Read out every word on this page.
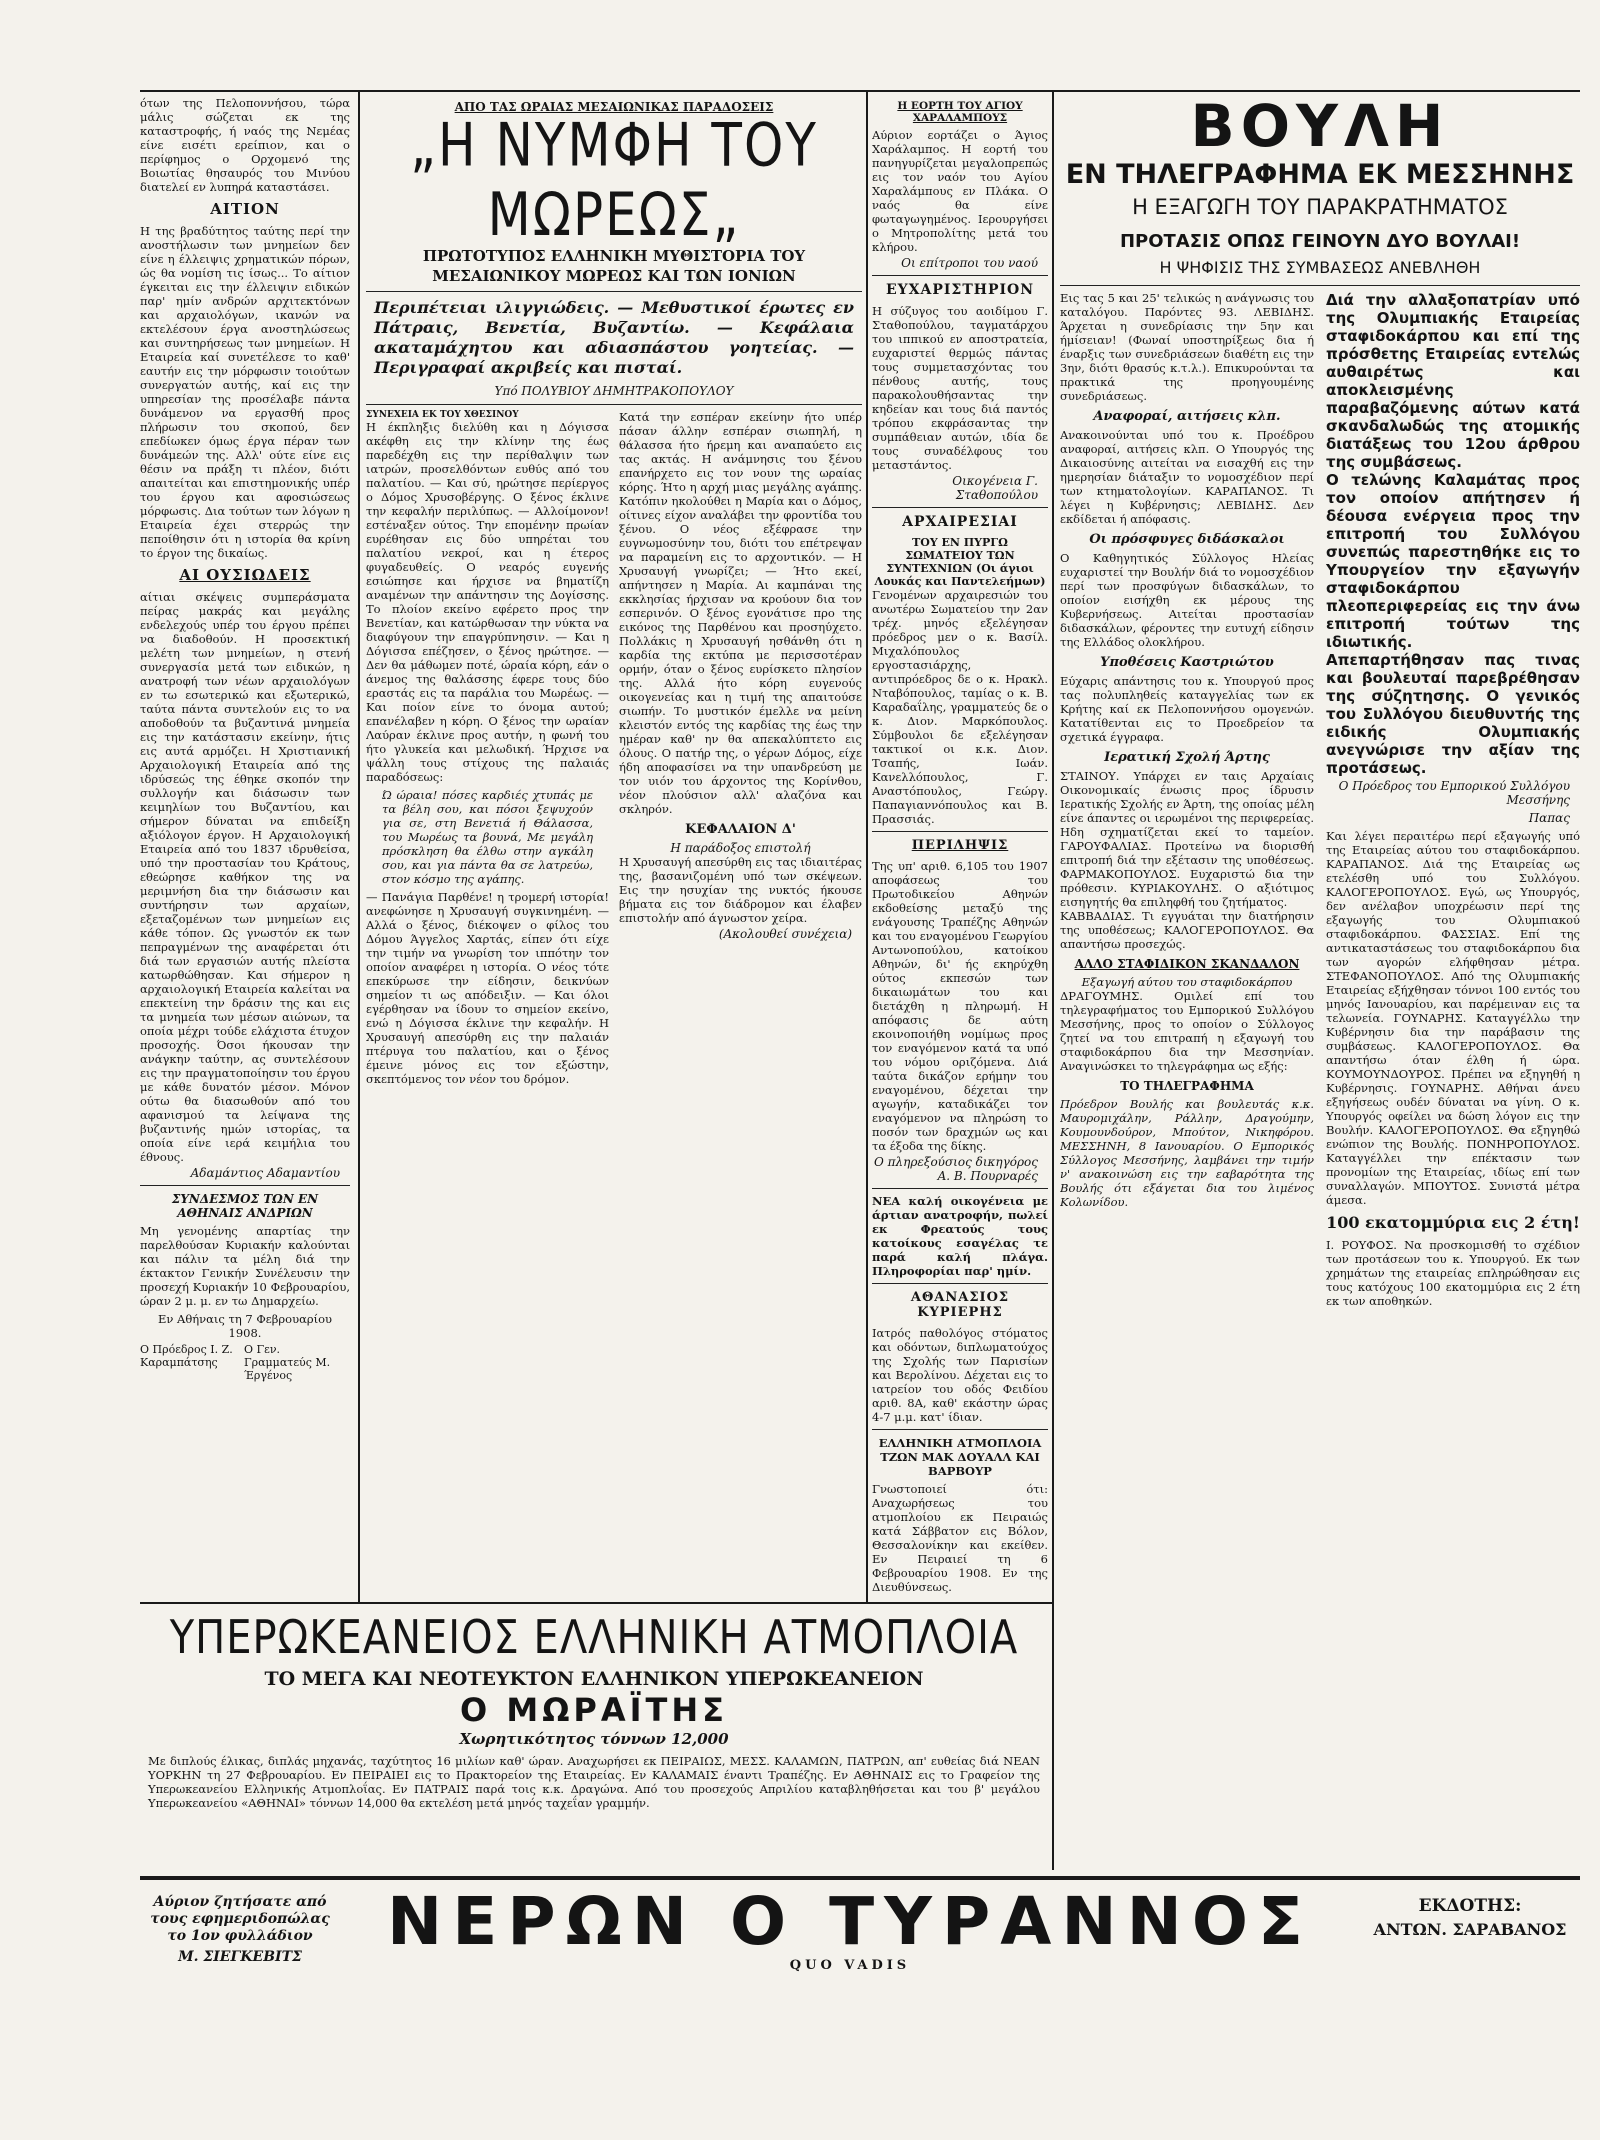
ότων της Πελοποννήσου, τώρα μάλις σώζεται εκ της καταστροφής, ή ναός της Νεμέας είνε εισέτι ερείπιον, και ο περίφημος ο Ορχομενό της Βοιωτίας θησαυρός του Μινύου διατελεί εν λυπηρά καταστάσει.

ΑΙΤΙΟΝ

Η της βραδύτητος ταύτης περί την ανοστήλωσιν των μνημείων δεν είνε η έλλειψις χρηματικών πόρων, ώς θα νομίση τις ίσως... Το αίτιον έγκειται εις την έλλειψιν ειδικών παρ' ημίν ανδρών αρχιτεκτόνων και αρχαιολόγων, ικανών να εκτελέσουν έργα ανοστηλώσεως και συντηρήσεως των μνημείων. Η Εταιρεία καί συνετέλεσε το καθ' εαυτήν εις την μόρφωσιν τοιούτων συνεργατών αυτής, καί εις την υπηρεσίαν της προσέλαβε πάντα δυνάμενον να εργασθή προς πλήρωσιν του σκοπού, δεν επεδίωκεν όμως έργα πέραν των δυνάμεών της. Αλλ' ούτε είνε εις θέσιν να πράξη τι πλέον, διότι απαιτείται και επιστημονικής υπέρ του έργου και αφοσιώσεως μόρφωσις. Δια τούτων των λόγων η Εταιρεία έχει στερρώς την πεποίθησιν ότι η ιστορία θα κρίνη το έργον της δικαίως.

ΑΙ ΟΥΣΙΩΔΕΙΣ

αίτιαι σκέψεις συμπεράσματα πείρας μακράς και μεγάλης ενδελεχούς υπέρ του έργου πρέπει να διαδοθούν. Η προσεκτική μελέτη των μνημείων, η στενή συνεργασία μετά των ειδικών, η ανατροφή των νέων αρχαιολόγων εν τω εσωτερικώ και εξωτερικώ, ταύτα πάντα συντελούν εις το να αποδοθούν τα βυζαντινά μνημεία εις την κατάστασιν εκείνην, ήτις εις αυτά αρμόζει. Η Χριστιανική Αρχαιολογική Εταιρεία από της ιδρύσεώς της έθηκε σκοπόν την συλλογήν και διάσωσιν των κειμηλίων του Βυζαντίου, και σήμερον δύναται να επιδείξη αξιόλογον έργον. Η Αρχαιολογική Εταιρεία από του 1837 ιδρυθείσα, υπό την προστασίαν του Κράτους, εθεώρησε καθήκον της να μεριμνήση δια την διάσωσιν και συντήρησιν των αρχαίων, εξεταζομένων των μνημείων εις κάθε τόπον. Ως γνωστόν εκ των πεπραγμένων της αναφέρεται ότι διά των εργασιών αυτής πλείστα κατωρθώθησαν. Και σήμερον η αρχαιολογική Εταιρεία καλείται να επεκτείνη την δράσιν της και εις τα μνημεία των μέσων αιώνων, τα οποία μέχρι τούδε ελάχιστα έτυχον προσοχής. Όσοι ήκουσαν την ανάγκην ταύτην, ας συντελέσουν εις την πραγματοποίησιν του έργου με κάθε δυνατόν μέσον. Μόνον ούτω θα διασωθούν από του αφανισμού τα λείψανα της βυζαντινής ημών ιστορίας, τα οποία είνε ιερά κειμήλια του έθνους.

Αδαμάντιος Αδαμαντίου
ΣΥΝΔΕΣΜΟΣ ΤΩΝ ΕΝ ΑΘΗΝΑΙΣ ΑΝΔΡΙΩΝ

Μη γενομένης απαρτίας την παρελθούσαν Κυριακήν καλούνται και πάλιν τα μέλη διά την έκτακτον Γενικήν Συνέλευσιν την προσεχή Κυριακήν 10 Φεβρουαρίου, ώραν 2 μ. μ. εν τω Δημαρχείω.

Εν Αθήναις τη 7 Φεβρουαρίου 1908.

Ο Πρόεδρος Ι. Ζ. Καραμπάτσης
Ο Γεν. Γραμματεύς Μ. Έργένος
ΑΠΟ ΤΑΣ ΩΡΑΙΑΣ ΜΕΣΑΙΩΝΙΚΑΣ ΠΑΡΑΔΟΣΕΙΣ
„Η ΝΥΜΦΗ ΤΟΥ ΜΩΡΕΩΣ„
ΠΡΩΤΟΤΥΠΟΣ ΕΛΛΗΝΙΚΗ ΜΥΘΙΣΤΟΡΙΑ ΤΟΥ ΜΕΣΑΙΩΝΙΚΟΥ ΜΩΡΕΩΣ ΚΑΙ ΤΩΝ ΙΟΝΙΩΝ

Περιπέτειαι ιλιγγιώδεις. — Μεθυστικοί έρωτες εν Πάτραις, Βενετία, Βυζαντίω. — Κεφάλαια ακαταμάχητου και αδιασπάστου γοητείας. — Περιγραφαί ακριβείς και πισταί.

Υπό ΠΟΛΥΒΙΟΥ ΔΗΜΗΤΡΑΚΟΠΟΥΛΟΥ
ΣΥΝΕΧΕΙΑ ΕΚ ΤΟΥ ΧΘΕΣΙΝΟΥ

Η έκπληξις διελύθη και η Δόγισσα ακέφθη εις την κλίνην της έως παρεδέχθη εις την περίθαλψιν των ιατρών, προσελθόντων ευθύς από του παλατίου. — Και σύ, ηρώτησε περίεργος ο Δόμος Χρυσοβέργης. Ο ξένος έκλινε την κεφαλήν περιλύπως. — Αλλοίμονον! εστέναξεν ούτος. Την επομένην πρωίαν ευρέθησαν εις δύο υπηρέται του παλατίου νεκροί, και η έτερος φυγαδευθείς. Ο νεαρός ευγενής εσιώπησε και ήρχισε να βηματίζη αναμένων την απάντησιν της Δογίσσης. Το πλοίον εκείνο εφέρετο προς την Βενετίαν, και κατώρθωσαν την νύκτα να διαφύγουν την επαγρύπνησιν. — Και η Δόγισσα επέζησεν, ο ξένος ηρώτησε. — Δεν θα μάθωμεν ποτέ, ώραία κόρη, εάν ο άνεμος της θαλάσσης έφερε τους δύο εραστάς εις τα παράλια του Μωρέως. — Και ποίον είνε το όνομα αυτού; επανέλαβεν η κόρη. Ο ξένος την ωραίαν Λαύραν έκλινε προς αυτήν, η φωνή του ήτο γλυκεία και μελωδική. Ήρχισε να ψάλλη τους στίχους της παλαιάς παραδόσεως:

Ώ ώραια! πόσες καρδιές χτυπάς με τα βέλη σου, και πόσοι ξεψυχούν για σε, στη Βενετιά ή Θάλασσα, του Μωρέως τα βουνά, Με μεγάλη πρόσκληση θα έλθω στην αγκάλη σου, και για πάντα θα σε λατρεύω, στον κόσμο της αγάπης.

— Πανάγια Παρθένε! η τρομερή ιστορία! ανεφώνησε η Χρυσαυγή συγκινημένη. — Αλλά ο ξένος, διέκοψεν ο φίλος του Δόμου Άγγελος Χαρτάς, είπεν ότι είχε την τιμήν να γνωρίση τον ιππότην τον οποίον αναφέρει η ιστορία. Ο νέος τότε επεκύρωσε την είδησιν, δεικνύων σημείον τι ως απόδειξιν. — Και όλοι εγέρθησαν να ίδουν το σημείον εκείνο, ενώ η Δόγισσα έκλινε την κεφαλήν. Η Χρυσαυγή απεσύρθη εις την παλαιάν πτέρυγα του παλατίου, και ο ξένος έμεινε μόνος εις τον εξώστην, σκεπτόμενος τον νέον του δρόμον.

Κατά την εσπέραν εκείνην ήτο υπέρ πάσαν άλλην εσπέραν σιωπηλή, η θάλασσα ήτο ήρεμη και αναπαύετο εις τας ακτάς. Η ανάμνησις του ξένου επανήρχετο εις τον νουν της ωραίας κόρης. Ήτο η αρχή μιας μεγάλης αγάπης. Κατόπιν ηκολούθει η Μαρία και ο Δόμος, οίτινες είχον αναλάβει την φροντίδα του ξένου. Ο νέος εξέφρασε την ευγνωμοσύνην του, διότι του επέτρεψαν να παραμείνη εις το αρχοντικόν. — Η Χρυσαυγή γνωρίζει; — Ήτο εκεί, απήντησεν η Μαρία. Αι καμπάναι της εκκλησίας ήρχισαν να κρούουν δια τον εσπερινόν. Ο ξένος εγονάτισε προ της εικόνος της Παρθένου και προσηύχετο. Πολλάκις η Χρυσαυγή ησθάνθη ότι η καρδία της εκτύπα με περισσοτέραν ορμήν, όταν ο ξένος ευρίσκετο πλησίον της. Αλλά ήτο κόρη ευγενούς οικογενείας και η τιμή της απαιτούσε σιωπήν. Το μυστικόν έμελλε να μείνη κλειστόν εντός της καρδίας της έως την ημέραν καθ' ην θα απεκαλύπτετο εις όλους. Ο πατήρ της, ο γέρων Δόμος, είχε ήδη αποφασίσει να την υπανδρεύση με τον υιόν του άρχοντος της Κορίνθου, νέον πλούσιον αλλ' αλαζόνα και σκληρόν.

ΚΕΦΑΛΑΙΟΝ Δ'
Η παράδοξος επιστολή

Η Χρυσαυγή απεσύρθη εις τας ιδιαιτέρας της, βασανιζομένη υπό των σκέψεων. Εις την ησυχίαν της νυκτός ήκουσε βήματα εις τον διάδρομον και έλαβεν επιστολήν από άγνωστον χείρα.

(Ακολουθεί συνέχεια)
Η ΕΟΡΤΗ ΤΟΥ ΑΓΙΟΥ ΧΑΡΑΛΑΜΠΟΥΣ

Αύριον εορτάζει ο Άγιος Χαράλαμπος. Η εορτή του πανηγυρίζεται μεγαλοπρεπώς εις τον ναόν του Αγίου Χαραλάμπους εν Πλάκα. Ο ναός θα είνε φωταγωγημένος. Ιερουργήσει ο Μητροπολίτης μετά του κλήρου.

Οι επίτροποι του ναού
ΕΥΧΑΡΙΣΤΗΡΙΟΝ

Η σύζυγος του αοιδίμου Γ. Σταθοπούλου, ταγματάρχου του ιππικού εν αποστρατεία, ευχαριστεί θερμώς πάντας τους συμμετασχόντας του πένθους αυτής, τους παρακολουθήσαντας την κηδείαν και τους διά παντός τρόπου εκφράσαντας την συμπάθειαν αυτών, ιδία δε τους συναδέλφους του μεταστάντος.

Οικογένεια Γ. Σταθοπούλου
ΑΡΧΑΙΡΕΣΙΑΙ
ΤΟΥ ΕΝ ΠΥΡΓΩ ΣΩΜΑΤΕΙΟΥ ΤΩΝ ΣΥΝΤΕΧΝΙΩΝ (Οι άγιοι Λουκάς και Παντελεήμων)

Γενομένων αρχαιρεσιών του ανωτέρω Σωματείου την 2αν τρέχ. μηνός εξελέγησαν πρόεδρος μεν ο κ. Βασίλ. Μιχαλόπουλος εργοστασιάρχης, αντιπρόεδρος δε ο κ. Ηρακλ. Νταβόπουλος, ταμίας ο κ. Β. Καραδαΐλης, γραμματεύς δε ο κ. Διον. Μαρκόπουλος. Σύμβουλοι δε εξελέγησαν τακτικοί οι κ.κ. Διον. Τσαπής, Ιωάν. Κανελλόπουλος, Γ. Αναστόπουλος, Γεώργ. Παπαγιαννόπουλος και Β. Πρασσιάς.

ΠΕΡΙΛΗΨΙΣ

Της υπ' αριθ. 6,105 του 1907 αποφάσεως του Πρωτοδικείου Αθηνών εκδοθείσης μεταξύ της ενάγουσης Τραπέζης Αθηνών και του εναγομένου Γεωργίου Αντωνοπούλου, κατοίκου Αθηνών, δι' ής εκηρύχθη ούτος εκπεσών των δικαιωμάτων του και διετάχθη η πληρωμή. Η απόφασις δε αύτη εκοινοποιήθη νομίμως προς τον εναγόμενον κατά τα υπό του νόμου οριζόμενα. Διά ταύτα δικάζον ερήμην του εναγομένου, δέχεται την αγωγήν, καταδικάζει τον εναγόμενον να πληρώση το ποσόν των δραχμών ως και τα έξοδα της δίκης.

Ο πληρεξούσιος δικηγόρος Α. Β. Πουρναρές

ΝΕΑ καλή οικογένεια με άρτιαν ανατροφήν, πωλεί εκ Φρεατούς τους κατοίκους εσαγέλας τε παρά καλή πλάγα. Πληροφορίαι παρ' ημίν.

ΑΘΑΝΑΣΙΟΣ ΚΥΡΙΕΡΗΣ

Ιατρός παθολόγος στόματος και οδόντων, διπλωματούχος της Σχολής των Παρισίων και Βερολίνου. Δέχεται εις το ιατρείον του οδός Φειδίου αριθ. 8Α, καθ' εκάστην ώρας 4-7 μ.μ. κατ' ίδιαν.

ΕΛΛΗΝΙΚΗ ΑΤΜΟΠΛΟΙΑ ΤΖΩΝ ΜΑΚ ΔΟΥΑΛΛ ΚΑΙ ΒΑΡΒΟΥΡ

Γνωστοποιεί ότι: Αναχωρήσεως του ατμοπλοίου εκ Πειραιώς κατά Σάββατον εις Βόλον, Θεσσαλονίκην και εκείθεν. Εν Πειραιεί τη 6 Φεβρουαρίου 1908. Εν της Διευθύνσεως.

ΒΟΥΛΗ
ΕΝ ΤΗΛΕΓΡΑΦΗΜΑ ΕΚ ΜΕΣΣΗΝΗΣ
Η ΕΞΑΓΩΓΗ ΤΟΥ ΠΑΡΑΚΡΑΤΗΜΑΤΟΣ
ΠΡΟΤΑΣΙΣ ΟΠΩΣ ΓΕΙΝΟΥΝ ΔΥΟ ΒΟΥΛΑΙ!
Η ΨΗΦΙΣΙΣ ΤΗΣ ΣΥΜΒΑΣΕΩΣ ΑΝΕΒΛΗΘΗ

Εις τας 5 και 25' τελικώς η ανάγνωσις του καταλόγου. Παρόντες 93. ΛΕΒΙΔΗΣ. Άρχεται η συνεδρίασις την 5ην και ήμίσειαν! (Φωναί υποστηρίξεως δια ή έναρξις των συνεδριάσεων διαθέτη εις την 3ην, διότι θρασύς κ.τ.λ.). Επικυρούνται τα πρακτικά της προηγουμένης συνεδριάσεως.

Αναφοραί, αιτήσεις κλπ.

Ανακοινούνται υπό του κ. Προέδρου αναφοραί, αιτήσεις κλπ. Ο Υπουργός της Δικαιοσύνης αιτείται να εισαχθή εις την ημερησίαν διάταξιν το νομοσχέδιον περί των κτηματολογίων. ΚΑΡΑΠΑΝΟΣ. Τι λέγει η Κυβέρνησις; ΛΕΒΙΔΗΣ. Δεν εκδίδεται ή απόφασις.

Οι πρόσφυγες διδάσκαλοι

Ο Καθηγητικός Σύλλογος Ηλείας ευχαριστεί την Βουλήν διά το νομοσχέδιον περί των προσφύγων διδασκάλων, το οποίον εισήχθη εκ μέρους της Κυβερνήσεως. Αιτείται προστασίαν διδασκάλων, φέροντες την ευτυχή είδησιν της Ελλάδος ολοκλήρου.

Υποθέσεις Καστριώτου

Εύχαρις απάντησις του κ. Υπουργού προς τας πολυπληθείς καταγγελίας των εκ Κρήτης καί εκ Πελοποννήσου ομογενών. Κατατίθενται εις το Προεδρείον τα σχετικά έγγραφα.

Ιερατική Σχολή Άρτης

ΣΤΑΙΝΟΥ. Υπάρχει εν ταις Αρχαίαις Οικονομικαίς ένωσις προς ίδρυσιν Ιερατικής Σχολής εν Άρτη, της οποίας μέλη είνε άπαντες οι ιερωμένοι της περιφερείας. Ηδη σχηματίζεται εκεί το ταμείον. ΓΑΡΟΥΦΑΛΙΑΣ. Προτείνω να διορισθή επιτροπή διά την εξέτασιν της υποθέσεως. ΦΑΡΜΑΚΟΠΟΥΛΟΣ. Ευχαριστώ δια την πρόθεσιν. ΚΥΡΙΑΚΟΥΛΗΣ. Ο αξιότιμος εισηγητής θα επιληφθή του ζητήματος.

ΚΑΒΒΑΔΙΑΣ. Τι εγγυάται την διατήρησιν της υποθέσεως; ΚΑΛΟΓΕΡΟΠΟΥΛΟΣ. Θα απαντήσω προσεχώς.

ΑΛΛΟ ΣΤΑΦΙΔΙΚΟΝ ΣΚΑΝΔΑΛΟΝ
Εξαγωγή αύτου του σταφιδοκάρπου

ΔΡΑΓΟΥΜΗΣ. Ομιλεί επί του τηλεγραφήματος του Εμπορικού Συλλόγου Μεσσήνης, προς το οποίον ο Σύλλογος ζητεί να του επιτραπή η εξαγωγή του σταφιδοκάρπου δια την Μεσσηνίαν. Αναγινώσκει το τηλεγράφημα ως εξής:

ΤΟ ΤΗΛΕΓΡΑΦΗΜΑ

Πρόεδρον Βουλής και βουλευτάς κ.κ. Μαυρομιχάλην, Ράλλην, Δραγούμην, Κουμουνδούρον, Μπούτον, Νικηφόρου. ΜΕΣΣΗΝΗ, 8 Ιανουαρίου. Ο Εμπορικός Σύλλογος Μεσσήνης, λαμβάνει την τιμήν ν' ανακοινώση εις την εαβαρότητα της Βουλής ότι εξάγεται δια του λιμένος Κολωνίδου.

Διά την αλλαξοπατρίαν υπό της Ολυμπιακής Εταιρείας σταφιδοκάρπου και επί της πρόσθετης Εταιρείας εντελώς αυθαιρέτως και αποκλεισμένης παραβαζόμενης αύτων κατά σκανδαλωδώς της ατομικής διατάξεως του 12ου άρθρου της συμβάσεως.

Ο τελώνης Καλαμάτας προς τον οποίον απήτησεν ή δέουσα ενέργεια προς την επιτροπή του Συλλόγου συνεπώς παρεστηθήκε εις το Υπουργείον την εξαγωγήν σταφιδοκάρπου πλεοπεριφερείας εις την άνω επιτροπή τούτων της ιδιωτικής.

Απεπαρτήθησαν πας τινας και βουλευταί παρεβρέθησαν της σύζητησης. Ο γενικός του Συλλόγου διευθυντής της ειδικής Ολυμπιακής ανεγνώρισε την αξίαν της προτάσεως.

Ο Πρόεδρος του Εμπορικού Συλλόγου Μεσσήνης
Παπας

Και λέγει περαιτέρω περί εξαγωγής υπό της Εταιρείας αύτου του σταφιδοκάρπου. ΚΑΡΑΠΑΝΟΣ. Διά της Εταιρείας ως ετελέσθη υπό του Συλλόγου. ΚΑΛΟΓΕΡΟΠΟΥΛΟΣ. Εγώ, ως Υπουργός, δεν ανέλαβον υποχρέωσιν περί της εξαγωγής του Ολυμπιακού σταφιδοκάρπου. ΦΑΣΣΙΑΣ. Επί της αντικαταστάσεως του σταφιδοκάρπου δια των αγορών ελήφθησαν μέτρα. ΣΤΕΦΑΝΟΠΟΥΛΟΣ. Από της Ολυμπιακής Εταιρείας εξήχθησαν τόννοι 100 εντός του μηνός Ιανουαρίου, και παρέμειναν εις τα τελωνεία. ΓΟΥΝΑΡΗΣ. Καταγγέλλω την Κυβέρνησιν δια την παράβασιν της συμβάσεως. ΚΑΛΟΓΕΡΟΠΟΥΛΟΣ. Θα απαντήσω όταν έλθη ή ώρα. ΚΟΥΜΟΥΝΔΟΥΡΟΣ. Πρέπει να εξηγηθή η Κυβέρνησις. ΓΟΥΝΑΡΗΣ. Αθήναι άνευ εξηγήσεως ουδέν δύναται να γίνη. Ο κ. Υπουργός οφείλει να δώση λόγον εις την Βουλήν. ΚΑΛΟΓΕΡΟΠΟΥΛΟΣ. Θα εξηγηθώ ενώπιον της Βουλής. ΠΟΝΗΡΟΠΟΥΛΟΣ. Καταγγέλλει την επέκτασιν των προνομίων της Εταιρείας, ιδίως επί των συναλλαγών. ΜΠΟΥΤΟΣ. Συνιστά μέτρα άμεσα.

100 εκατομμύρια εις 2 έτη!

Ι. ΡΟΥΦΟΣ. Να προσκομισθή το σχέδιον των προτάσεων του κ. Υπουργού. Εκ των χρημάτων της εταιρείας επληρώθησαν εις τους κατόχους 100 εκατομμύρια εις 2 έτη εκ των αποθηκών.

ΥΠΕΡΩΚΕΑΝΕΙΟΣ ΕΛΛΗΝΙΚΗ ΑΤΜΟΠΛΟΙΑ
ΤΟ ΜΕΓΑ ΚΑΙ ΝΕΟΤΕΥΚΤΟΝ ΕΛΛΗΝΙΚΟΝ ΥΠΕΡΩΚΕΑΝΕΙΟΝ
Ο ΜΩΡΑΪΤΗΣ
Χωρητικότητος τόννων 12,000

Με διπλούς έλικας, διπλάς μηχανάς, ταχύτητος 16 μιλίων καθ' ώραν. Αναχωρήσει εκ ΠΕΙΡΑΙΩΣ, ΜΕΣΣ. ΚΑΛΑΜΩΝ, ΠΑΤΡΩΝ, απ' ευθείας διά ΝΕΑΝ ΥΟΡΚΗΝ τη 27 Φεβρουαρίου. Εν ΠΕΙΡΑΙΕΙ εις το Πρακτορείον της Εταιρείας. Εν ΚΑΛΑΜΑΙΣ έναντι Τραπέζης. Εν ΑΘΗΝΑΙΣ εις το Γραφείον της Υπερωκεανείου Ελληνικής Ατμοπλοΐας. Εν ΠΑΤΡΑΙΣ παρά τοις κ.κ. Δραγώνα. Από του προσεχούς Απριλίου καταβληθήσεται και του β' μεγάλου Υπερωκεανείου «ΑΘΗΝΑΙ» τόννων 14,000 θα εκτελέση μετά μηνός ταχεΐαν γραμμήν.

Αύριον ζητήσατε από τους εφημεριδοπώλας το 1ον φυλλάδιον
Μ. ΣΙΕΓΚΕΒΙΤΣ	ΝΕΡΩΝ Ο ΤΥΡΑΝΝΟΣ
QUO VADIS
ΕΚΔΟΤΗΣ:
ΑΝΤΩΝ. ΣΑΡΑΒΑΝΟΣ
